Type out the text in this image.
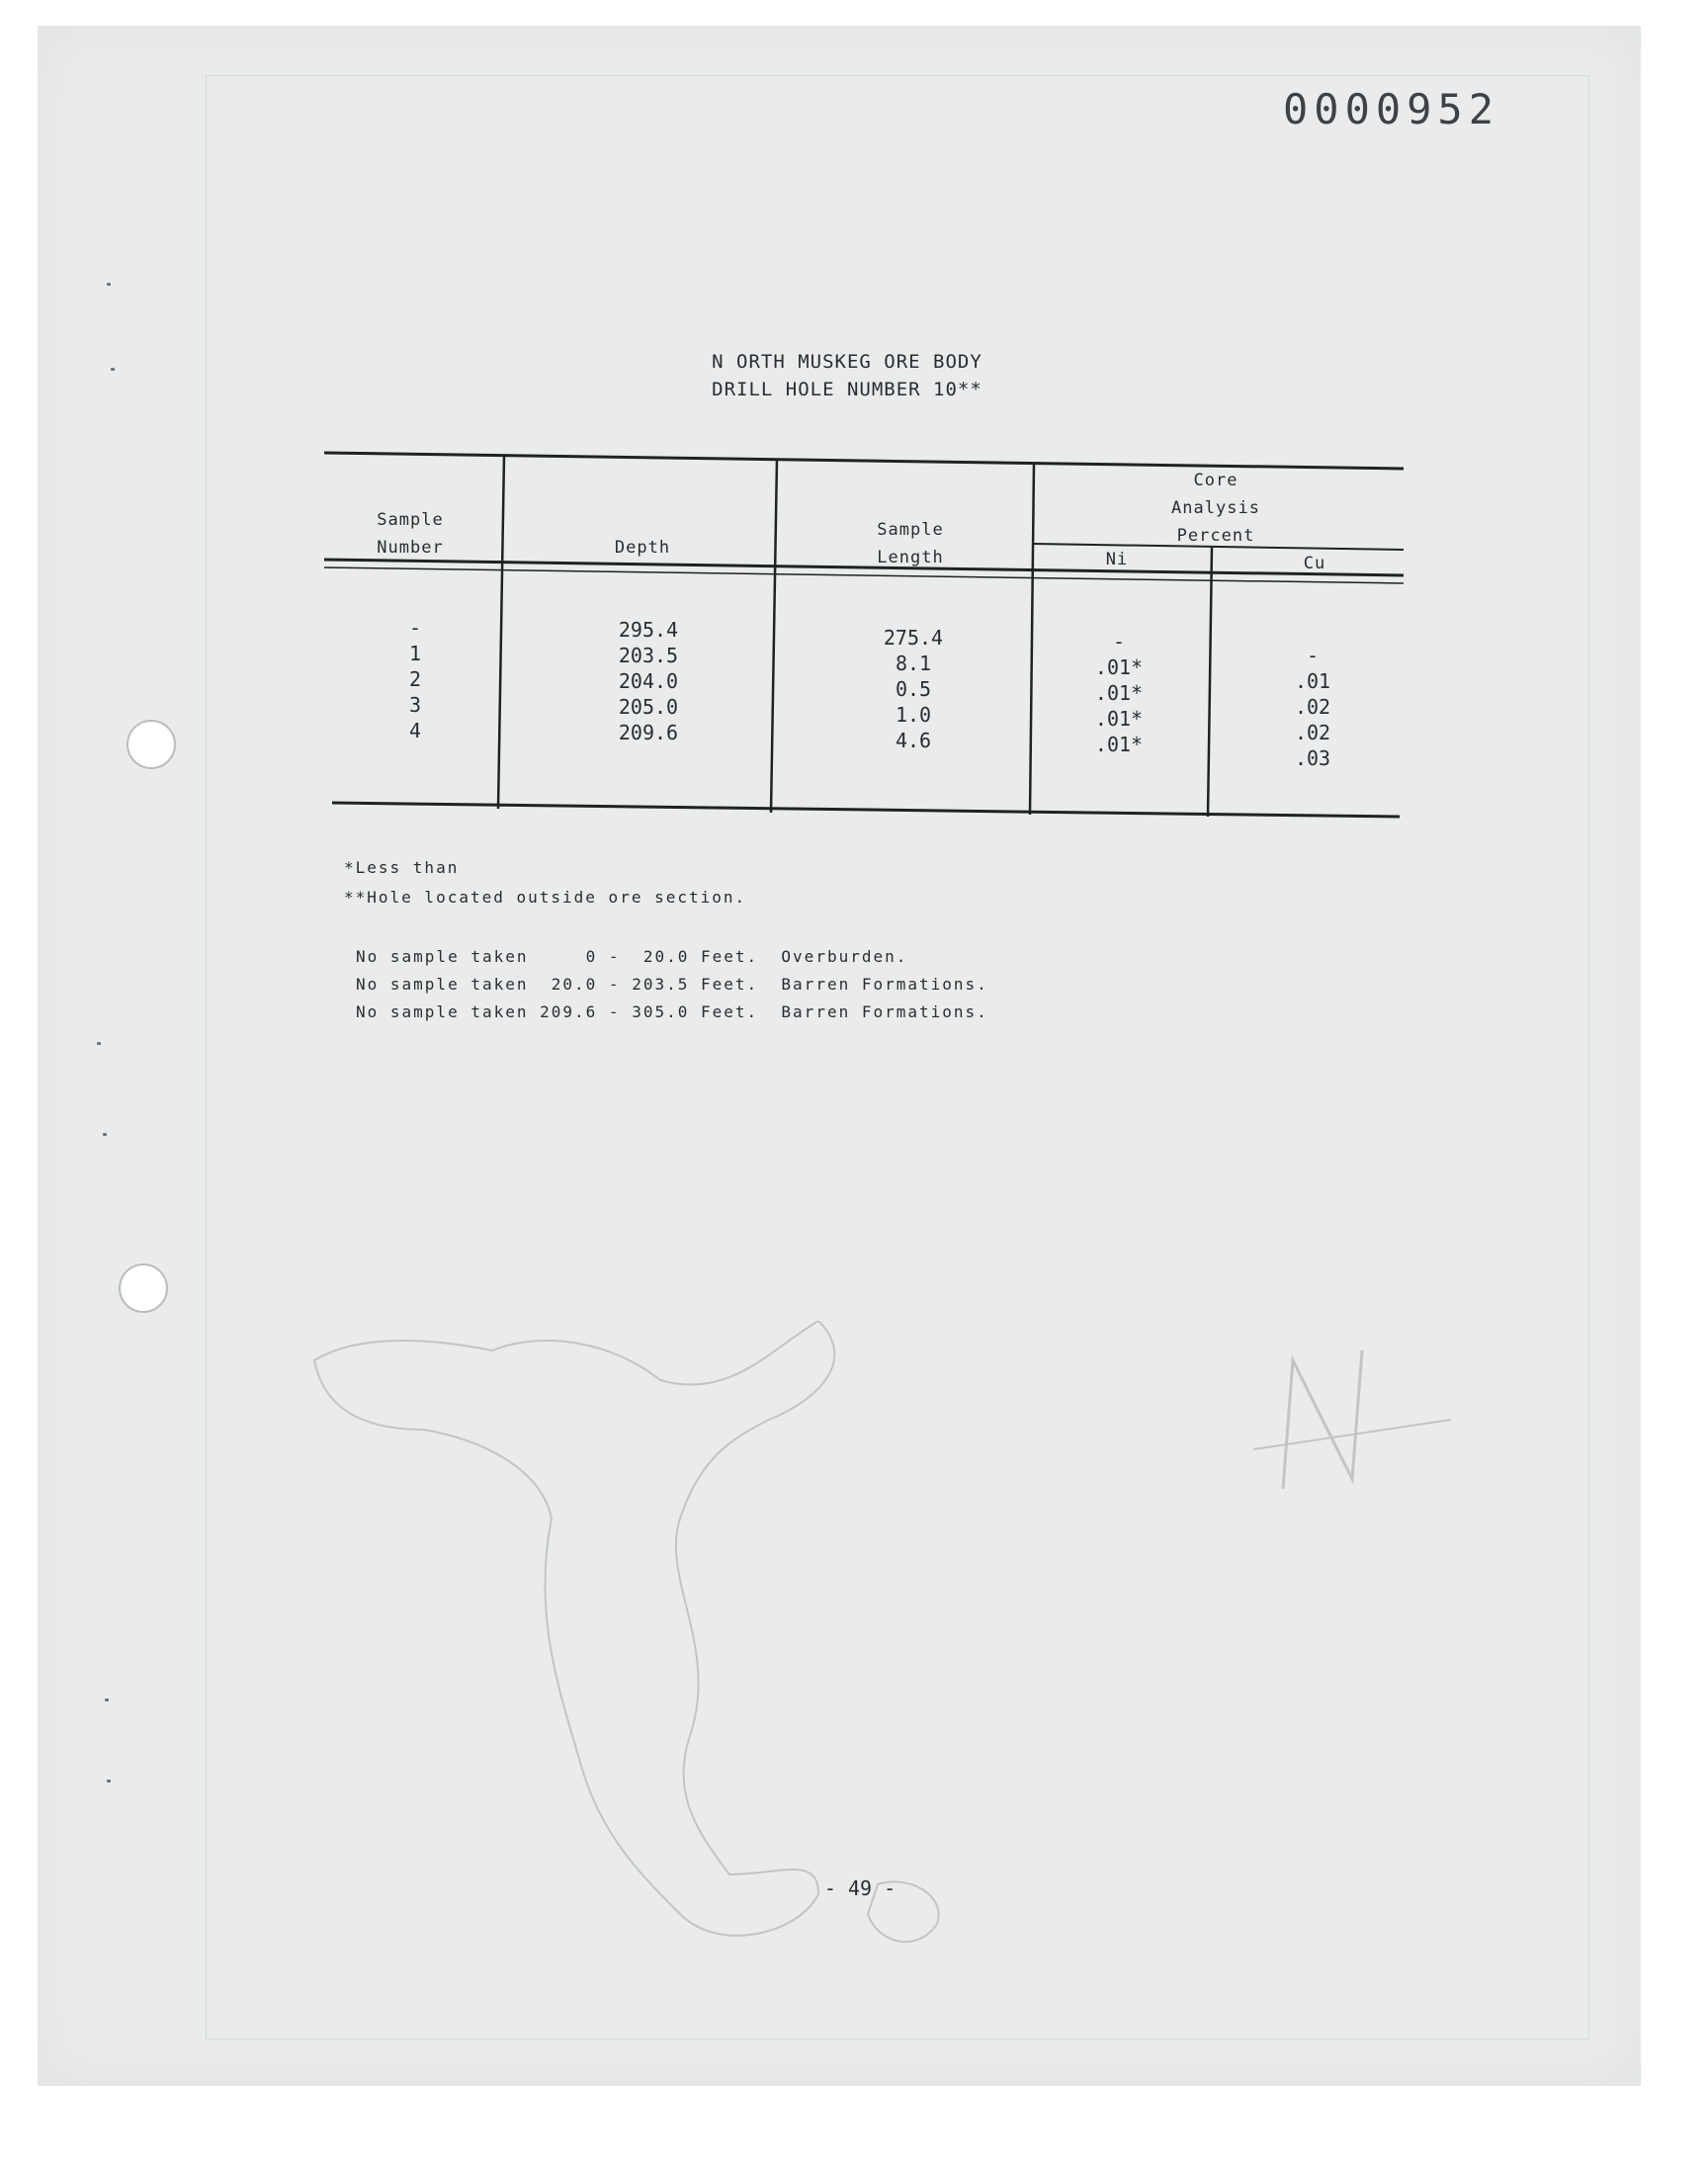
0000952
N ORTH MUSKEG ORE BODY
DRILL HOLE NUMBER 10**
Sample
Number	Depth
Sample
Length
Core
Analysis
Percent
Ni	Cu
-
1
2
3
4
295.4
203.5
204.0
205.0
209.6
275.4
8.1
0.5
1.0
4.6
-
.01*
.01*
.01*
.01*
-
.01
.02
.02
.03
*Less than
**Hole located outside ore section.
No sample taken     0 -  20.0 Feet.  Overburden.
No sample taken  20.0 - 203.5 Feet.  Barren Formations.
No sample taken 209.6 - 305.0 Feet.  Barren Formations.
- 49 -
